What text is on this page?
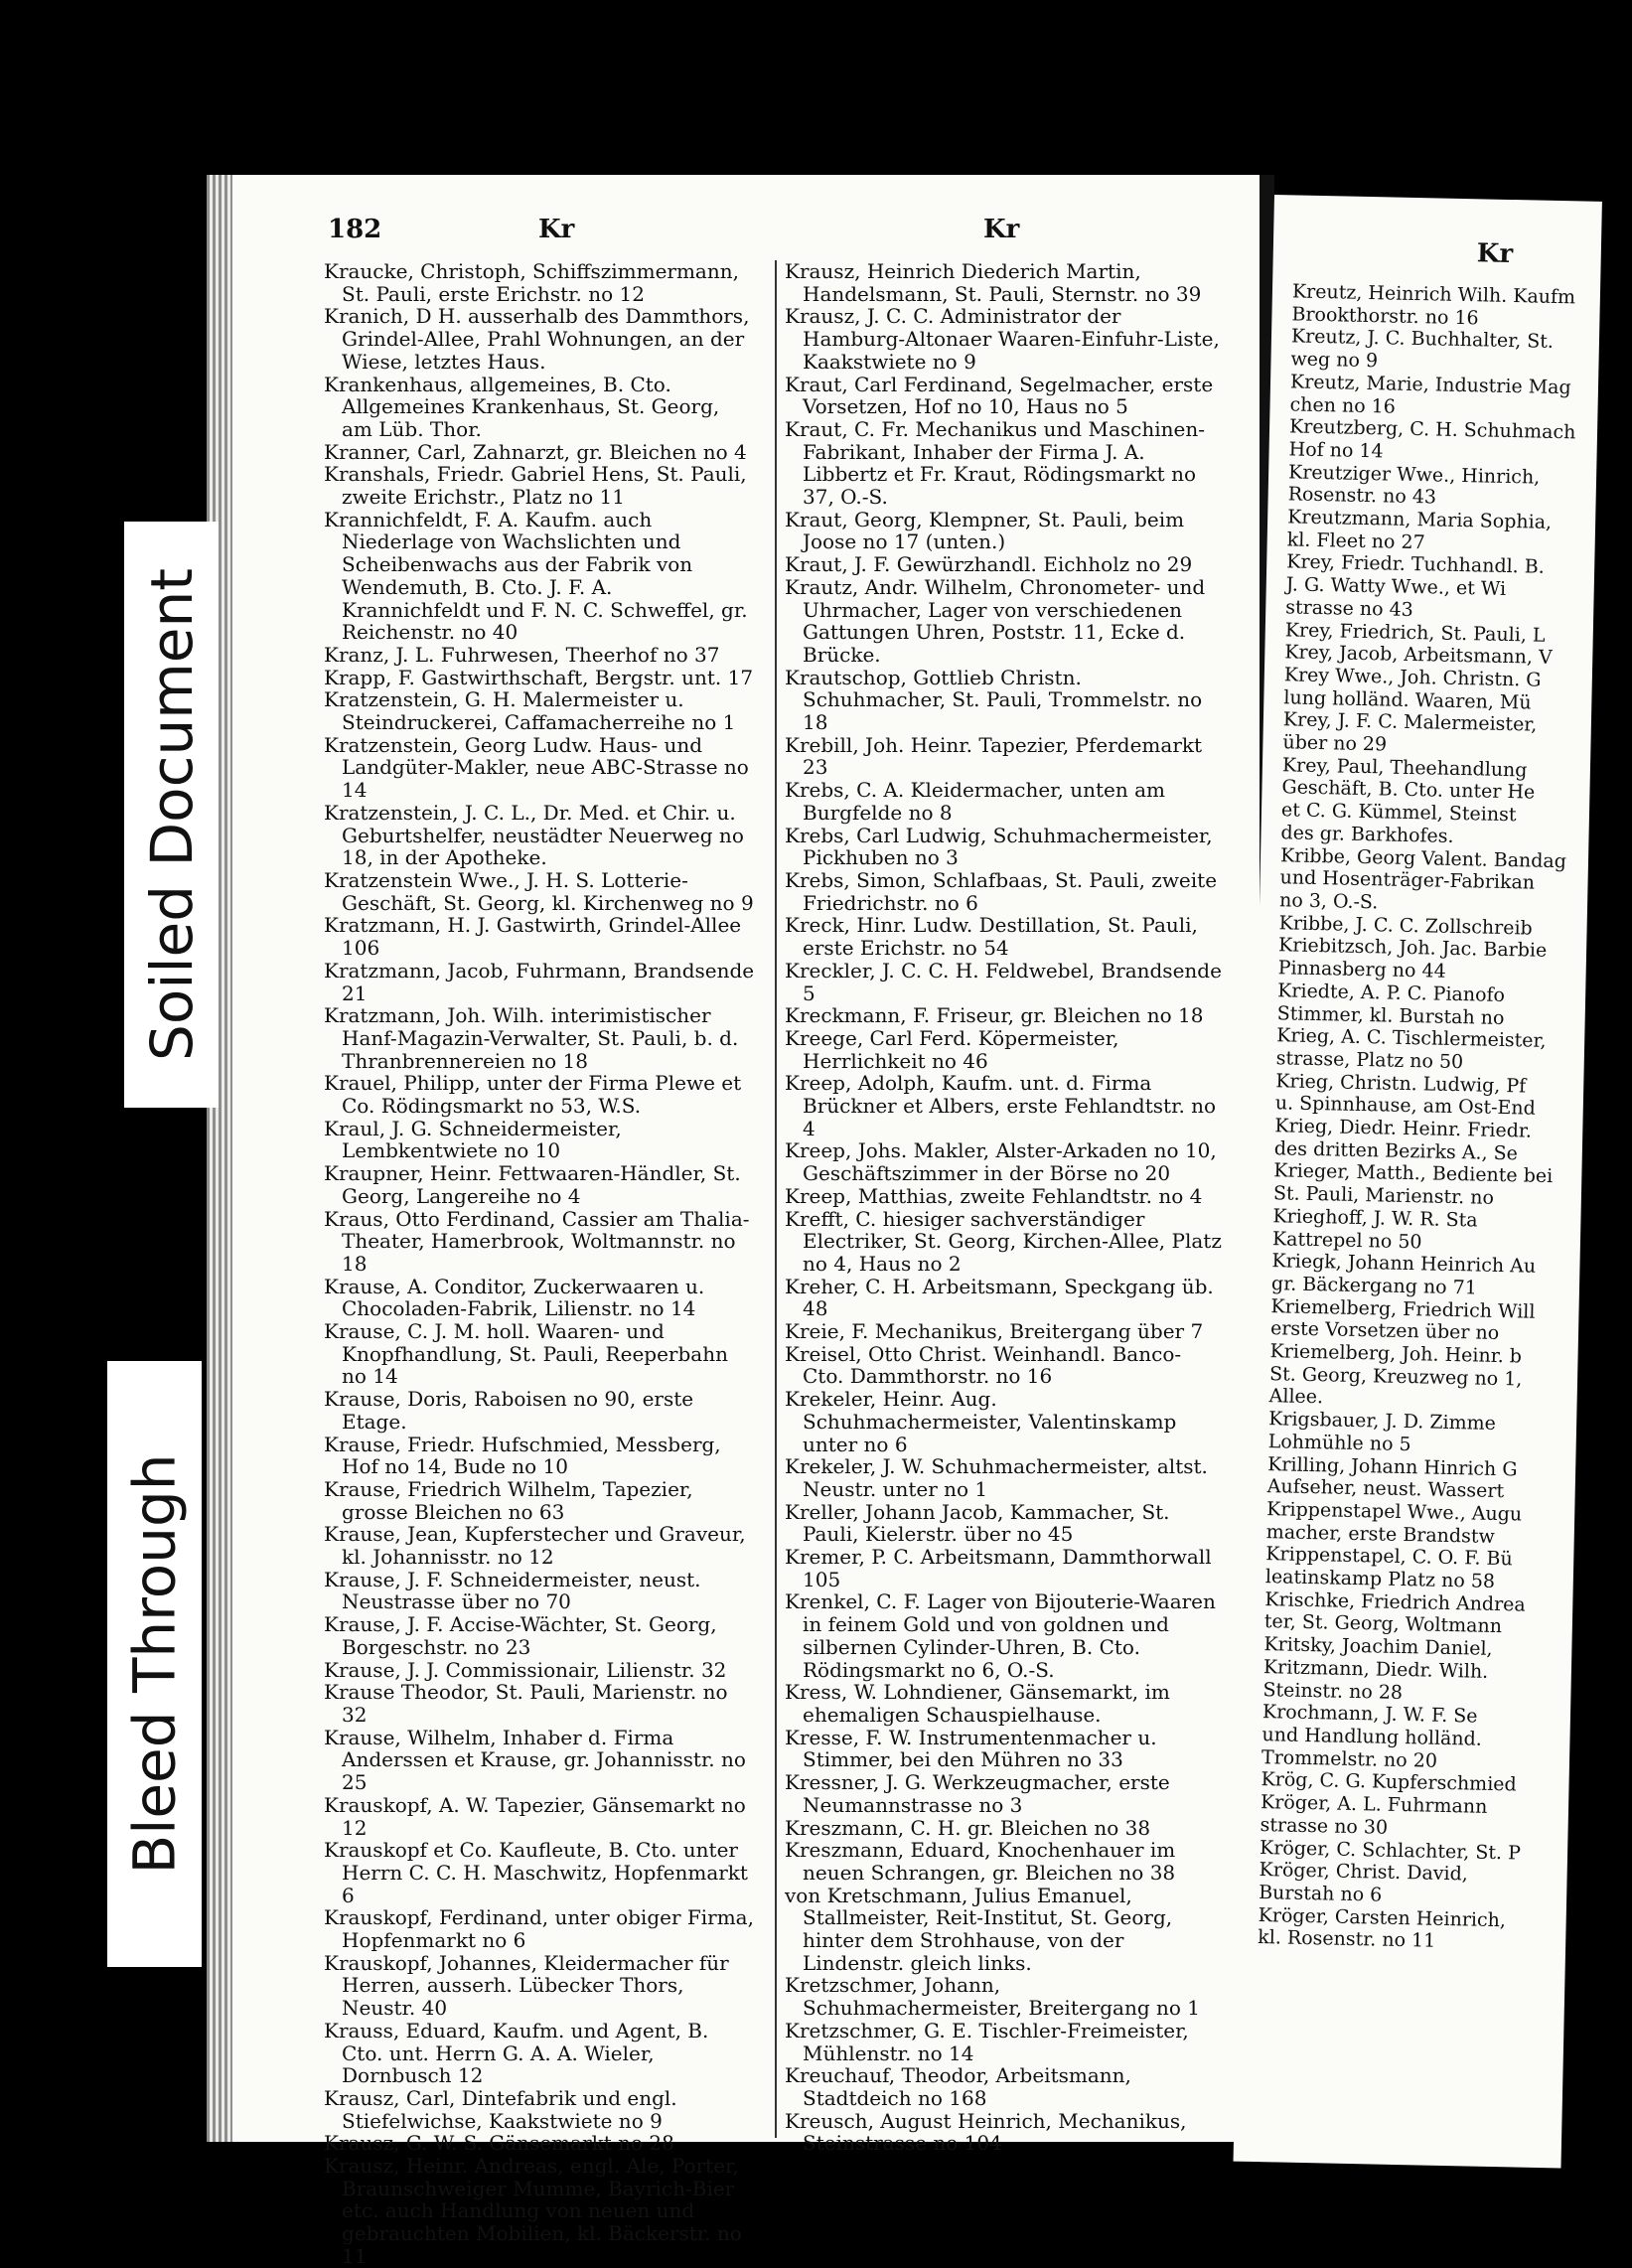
182	Kr	Kr

Kraucke, Christoph, Schiffszimmermann, St. Pauli, erste Erichstr. no 12

Kranich, D H. ausserhalb des Dammthors, Grindel-Allee, Prahl Wohnungen, an der Wiese, letztes Haus.

Krankenhaus, allgemeines, B. Cto. Allgemeines Krankenhaus, St. Georg, am Lüb. Thor.

Kranner, Carl, Zahnarzt, gr. Bleichen no 4

Kranshals, Friedr. Gabriel Hens, St. Pauli, zweite Erichstr., Platz no 11

Krannichfeldt, F. A. Kaufm. auch Niederlage von Wachslichten und Scheibenwachs aus der Fabrik von Wendemuth, B. Cto. J. F. A. Krannichfeldt und F. N. C. Schweffel, gr. Reichenstr. no 40

Kranz, J. L. Fuhrwesen, Theerhof no 37

Krapp, F. Gastwirthschaft, Bergstr. unt. 17

Kratzenstein, G. H. Malermeister u. Steindruckerei, Caffamacherreihe no 1

Kratzenstein, Georg Ludw. Haus- und Landgüter-Makler, neue ABC-Strasse no 14

Kratzenstein, J. C. L., Dr. Med. et Chir. u. Geburtshelfer, neustädter Neuerweg no 18, in der Apotheke.

Kratzenstein Wwe., J. H. S. Lotterie-Geschäft, St. Georg, kl. Kirchenweg no 9

Kratzmann, H. J. Gastwirth, Grindel-Allee 106

Kratzmann, Jacob, Fuhrmann, Brandsende 21

Kratzmann, Joh. Wilh. interimistischer Hanf-Magazin-Verwalter, St. Pauli, b. d. Thranbrennereien no 18

Krauel, Philipp, unter der Firma Plewe et Co. Rödingsmarkt no 53, W.S.

Kraul, J. G. Schneidermeister, Lembkentwiete no 10

Kraupner, Heinr. Fettwaaren-Händler, St. Georg, Langereihe no 4

Kraus, Otto Ferdinand, Cassier am Thalia-Theater, Hamerbrook, Woltmannstr. no 18

Krause, A. Conditor, Zuckerwaaren u. Chocoladen-Fabrik, Lilienstr. no 14

Krause, C. J. M. holl. Waaren- und Knopfhandlung, St. Pauli, Reeperbahn no 14

Krause, Doris, Raboisen no 90, erste Etage.

Krause, Friedr. Hufschmied, Messberg, Hof no 14, Bude no 10

Krause, Friedrich Wilhelm, Tapezier, grosse Bleichen no 63

Krause, Jean, Kupferstecher und Graveur, kl. Johannisstr. no 12

Krause, J. F. Schneidermeister, neust. Neustrasse über no 70

Krause, J. F. Accise-Wächter, St. Georg, Borgeschstr. no 23

Krause, J. J. Commissionair, Lilienstr. 32

Krause Theodor, St. Pauli, Marienstr. no 32

Krause, Wilhelm, Inhaber d. Firma Anderssen et Krause, gr. Johannisstr. no 25

Krauskopf, A. W. Tapezier, Gänsemarkt no 12

Krauskopf et Co. Kaufleute, B. Cto. unter Herrn C. C. H. Maschwitz, Hopfenmarkt 6

Krauskopf, Ferdinand, unter obiger Firma, Hopfenmarkt no 6

Krauskopf, Johannes, Kleidermacher für Herren, ausserh. Lübecker Thors, Neustr. 40

Krauss, Eduard, Kaufm. und Agent, B. Cto. unt. Herrn G. A. A. Wieler, Dornbusch 12

Krausz, Carl, Dintefabrik und engl. Stiefelwichse, Kaakstwiete no 9

Krausz, G. W. S. Gänsemarkt no 28

Krausz, Heinr. Andreas, engl. Ale, Porter, Braunschweiger Mumme, Bayrich-Bier etc. auch Handlung von neuen und gebrauchten Mobilien, kl. Bäckerstr. no 11

Krausz, Heinrich Diederich Martin, Handelsmann, St. Pauli, Sternstr. no 39

Krausz, J. C. C. Administrator der Hamburg-Altonaer Waaren-Einfuhr-Liste, Kaakstwiete no 9

Kraut, Carl Ferdinand, Segelmacher, erste Vorsetzen, Hof no 10, Haus no 5

Kraut, C. Fr. Mechanikus und Maschinen-Fabrikant, Inhaber der Firma J. A. Libbertz et Fr. Kraut, Rödingsmarkt no 37, O.-S.

Kraut, Georg, Klempner, St. Pauli, beim Joose no 17 (unten.)

Kraut, J. F. Gewürzhandl. Eichholz no 29

Krautz, Andr. Wilhelm, Chronometer- und Uhrmacher, Lager von verschiedenen Gattungen Uhren, Poststr. 11, Ecke d. Brücke.

Krautschop, Gottlieb Christn. Schuhmacher, St. Pauli, Trommelstr. no 18

Krebill, Joh. Heinr. Tapezier, Pferdemarkt 23

Krebs, C. A. Kleidermacher, unten am Burgfelde no 8

Krebs, Carl Ludwig, Schuhmachermeister, Pickhuben no 3

Krebs, Simon, Schlafbaas, St. Pauli, zweite Friedrichstr. no 6

Kreck, Hinr. Ludw. Destillation, St. Pauli, erste Erichstr. no 54

Kreckler, J. C. C. H. Feldwebel, Brandsende 5

Kreckmann, F. Friseur, gr. Bleichen no 18

Kreege, Carl Ferd. Köpermeister, Herrlichkeit no 46

Kreep, Adolph, Kaufm. unt. d. Firma Brückner et Albers, erste Fehlandtstr. no 4

Kreep, Johs. Makler, Alster-Arkaden no 10, Geschäftszimmer in der Börse no 20

Kreep, Matthias, zweite Fehlandtstr. no 4

Krefft, C. hiesiger sachverständiger Electriker, St. Georg, Kirchen-Allee, Platz no 4, Haus no 2

Kreher, C. H. Arbeitsmann, Speckgang üb. 48

Kreie, F. Mechanikus, Breitergang über 7

Kreisel, Otto Christ. Weinhandl. Banco-Cto. Dammthorstr. no 16

Krekeler, Heinr. Aug. Schuhmachermeister, Valentinskamp unter no 6

Krekeler, J. W. Schuhmachermeister, altst. Neustr. unter no 1

Kreller, Johann Jacob, Kammacher, St. Pauli, Kielerstr. über no 45

Kremer, P. C. Arbeitsmann, Dammthorwall 105

Krenkel, C. F. Lager von Bijouterie-Waaren in feinem Gold und von goldnen und silbernen Cylinder-Uhren, B. Cto. Rödingsmarkt no 6, O.-S.

Kress, W. Lohndiener, Gänsemarkt, im ehemaligen Schauspielhause.

Kresse, F. W. Instrumentenmacher u. Stimmer, bei den Mühren no 33

Kressner, J. G. Werkzeugmacher, erste Neumannstrasse no 3

Kreszmann, C. H. gr. Bleichen no 38

Kreszmann, Eduard, Knochenhauer im neuen Schrangen, gr. Bleichen no 38

von Kretschmann, Julius Emanuel, Stallmeister, Reit-Institut, St. Georg, hinter dem Strohhause, von der Lindenstr. gleich links.

Kretzschmer, Johann, Schuhmachermeister, Breitergang no 1

Kretzschmer, G. E. Tischler-Freimeister, Mühlenstr. no 14

Kreuchauf, Theodor, Arbeitsmann, Stadtdeich no 168

Kreusch, August Heinrich, Mechanikus, Steinstrasse no 104

Kr

Kreutz, Heinrich Wilh. Kaufm

Brookthorstr. no 16

Kreutz, J. C. Buchhalter, St.

weg no 9

Kreutz, Marie, Industrie Mag

chen no 16

Kreutzberg, C. H. Schuhmach

Hof no 14

Kreutziger Wwe., Hinrich,

Rosenstr. no 43

Kreutzmann, Maria Sophia,

kl. Fleet no 27

Krey, Friedr. Tuchhandl. B.

J. G. Watty Wwe., et Wi

strasse no 43

Krey, Friedrich, St. Pauli, L

Krey, Jacob, Arbeitsmann, V

Krey Wwe., Joh. Christn. G

lung holländ. Waaren, Mü

Krey, J. F. C. Malermeister,

über no 29

Krey, Paul, Theehandlung

Geschäft, B. Cto. unter He

et C. G. Kümmel, Steinst

des gr. Barkhofes.

Kribbe, Georg Valent. Bandag

und Hosenträger-Fabrikan

no 3, O.-S.

Kribbe, J. C. C. Zollschreib

Kriebitzsch, Joh. Jac. Barbie

Pinnasberg no 44

Kriedte, A. P. C. Pianofo

Stimmer, kl. Burstah no

Krieg, A. C. Tischlermeister,

strasse, Platz no 50

Krieg, Christn. Ludwig, Pf

u. Spinnhause, am Ost-End

Krieg, Diedr. Heinr. Friedr.

des dritten Bezirks A., Se

Krieger, Matth., Bediente bei

St. Pauli, Marienstr. no

Krieghoff, J. W. R. Sta

Kattrepel no 50

Kriegk, Johann Heinrich Au

gr. Bäckergang no 71

Kriemelberg, Friedrich Will

erste Vorsetzen über no

Kriemelberg, Joh. Heinr. b

St. Georg, Kreuzweg no 1,

Allee.

Krigsbauer, J. D. Zimme

Lohmühle no 5

Krilling, Johann Hinrich G

Aufseher, neust. Wassert

Krippenstapel Wwe., Augu

macher, erste Brandstw

Krippenstapel, C. O. F. Bü

leatinskamp Platz no 58

Krischke, Friedrich Andrea

ter, St. Georg, Woltmann

Kritsky, Joachim Daniel,

Kritzmann, Diedr. Wilh.

Steinstr. no 28

Krochmann, J. W. F. Se

und Handlung holländ.

Trommelstr. no 20

Krög, C. G. Kupferschmied

Kröger, A. L. Fuhrmann

strasse no 30

Kröger, C. Schlachter, St. P

Kröger, Christ. David,

Burstah no 6

Kröger, Carsten Heinrich,

kl. Rosenstr. no 11

Soiled Document
Bleed Through
